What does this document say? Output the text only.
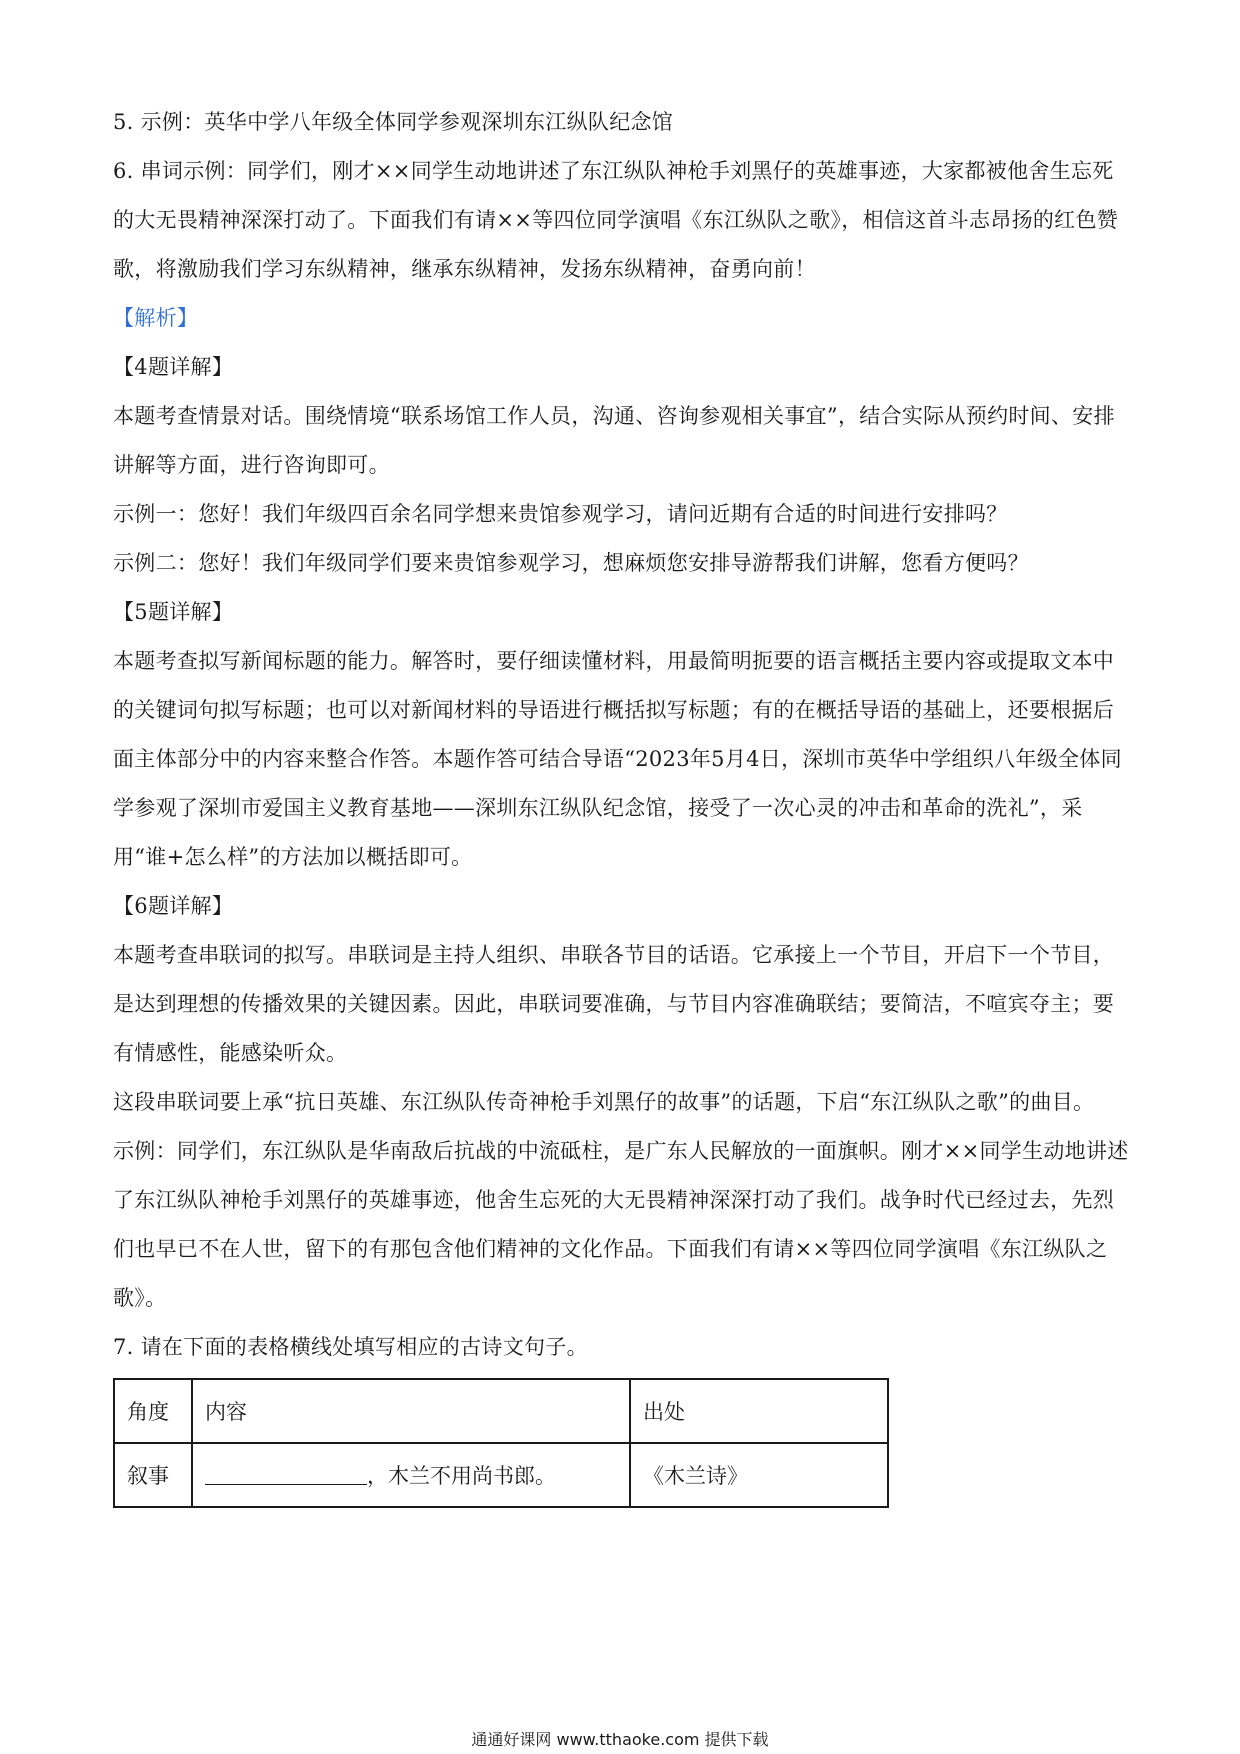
5. 示例：英华中学八年级全体同学参观深圳东江纵队纪念馆

6. 串词示例：同学们，刚才××同学生动地讲述了东江纵队神枪手刘黑仔的英雄事迹，大家都被他舍生忘死的大无畏精神深深打动了。下面我们有请××等四位同学演唱《东江纵队之歌》，相信这首斗志昂扬的红色赞歌，将激励我们学习东纵精神，继承东纵精神，发扬东纵精神，奋勇向前！

【解析】

【4题详解】

本题考查情景对话。围绕情境“联系场馆工作人员，沟通、咨询参观相关事宜”，结合实际从预约时间、安排讲解等方面，进行咨询即可。

示例一：您好！我们年级四百余名同学想来贵馆参观学习，请问近期有合适的时间进行安排吗？

示例二：您好！我们年级同学们要来贵馆参观学习，想麻烦您安排导游帮我们讲解，您看方便吗？

【5题详解】

本题考查拟写新闻标题的能力。解答时，要仔细读懂材料，用最简明扼要的语言概括主要内容或提取文本中的关键词句拟写标题；也可以对新闻材料的导语进行概括拟写标题；有的在概括导语的基础上，还要根据后面主体部分中的内容来整合作答。本题作答可结合导语“2023年5月4日，深圳市英华中学组织八年级全体同学参观了深圳市爱国主义教育基地——深圳东江纵队纪念馆，接受了一次心灵的冲击和革命的洗礼”，采用“谁+怎么样”的方法加以概括即可。

【6题详解】

本题考查串联词的拟写。串联词是主持人组织、串联各节目的话语。它承接上一个节目，开启下一个节目，是达到理想的传播效果的关键因素。因此，串联词要准确，与节目内容准确联结；要简洁，不喧宾夺主；要有情感性，能感染听众。

这段串联词要上承“抗日英雄、东江纵队传奇神枪手刘黑仔的故事”的话题，下启“东江纵队之歌”的曲目。

示例：同学们，东江纵队是华南敌后抗战的中流砥柱，是广东人民解放的一面旗帜。刚才××同学生动地讲述了东江纵队神枪手刘黑仔的英雄事迹，他舍生忘死的大无畏精神深深打动了我们。战争时代已经过去，先烈们也早已不在人世，留下的有那包含他们精神的文化作品。下面我们有请××等四位同学演唱《东江纵队之歌》。

7. 请在下面的表格横线处填写相应的古诗文句子。

角度	内容	出处
叙事	，木兰不用尚书郎。	《木兰诗》
通通好课网 www.tthaoke.com 提供下载
